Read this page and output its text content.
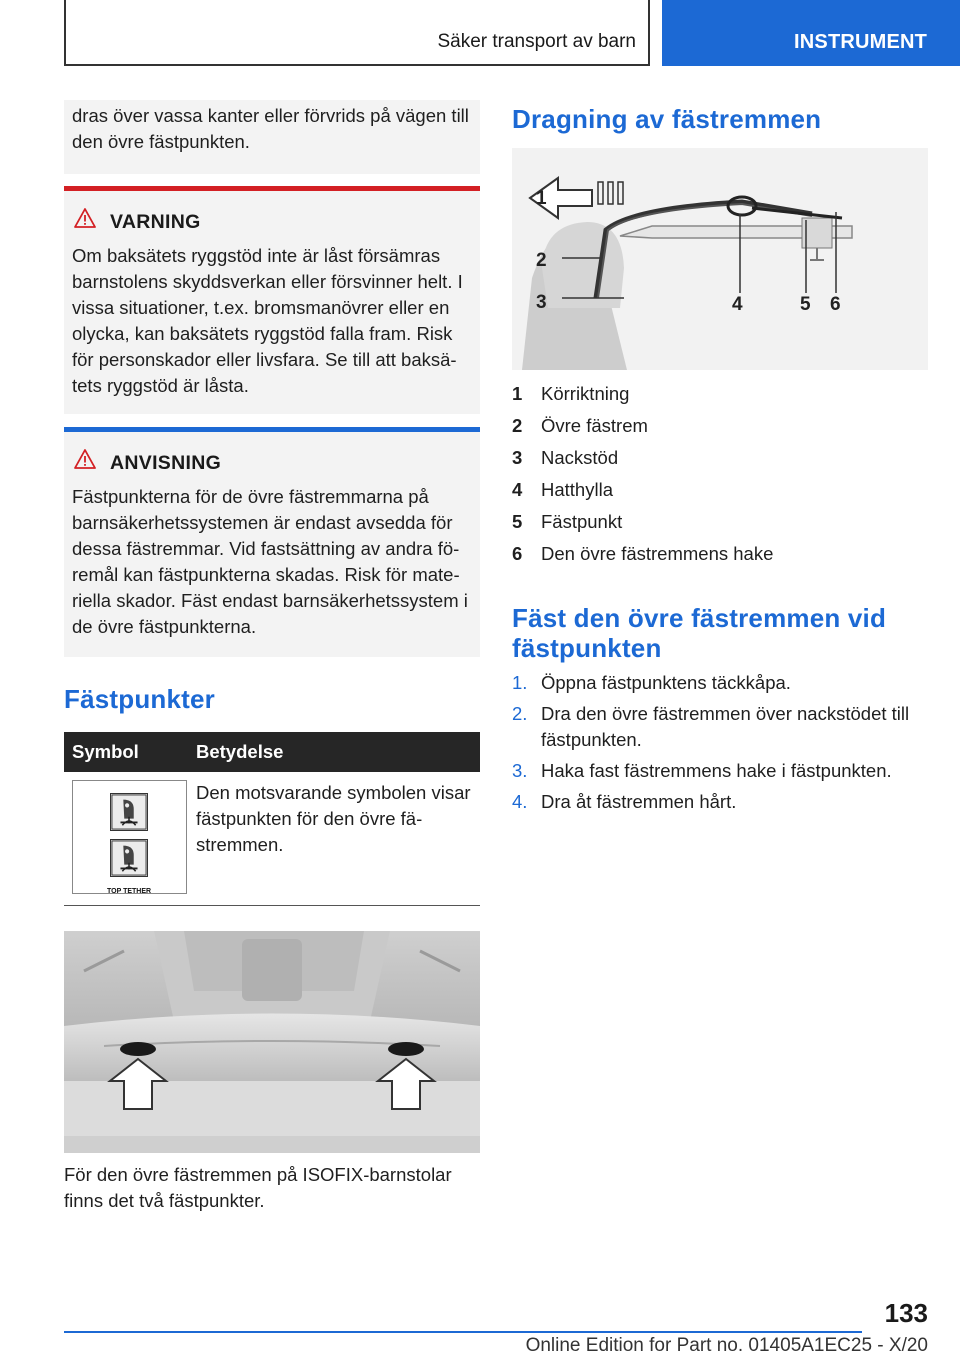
Säker transport av barn	INSTRUMENT

dras över vassa kanter eller förvrids på vägen till den övre fästpunkten.

VARNING

Om baksätets ryggstöd inte är låst försämras barnstolens skyddsverkan eller försvinner helt. I vissa situationer, t.ex. bromsmanövrer eller en olycka, kan baksätets ryggstöd falla fram. Risk för personskador eller livsfara. Se till att baksätets ryggstöd är låsta.

ANVISNING

Fästpunkterna för de övre fästremmarna på barnsäkerhetssystemen är endast avsedda för dessa fästremmar. Vid fastsättning av andra föremål kan fästpunkterna skadas. Risk för materiella skador. Fäst endast barnsäkerhetssystem i de övre fästpunkterna.

Fästpunkter
Symbol	Betydelse
TOP TETHER

Den motsvarande symbolen visar fästpunkten för den övre fästremmen.

För den övre fästremmen på ISOFIX-barnstolar finns det två fästpunkter.

Dragning av fästremmen
1
2
3	4	5 6
1 Körriktning
2 Övre fästrem
3 Nackstöd
4 Hatthylla
5 Fästpunkt
6 Den övre fästremmens hake
Fäst den övre fästremmen vid fästpunkten
1. Öppna fästpunktens täckkåpa.
2. Dra den övre fästremmen över nackstödet till fästpunkten.
3. Haka fast fästremmens hake i fästpunkten.
4. Dra åt fästremmen hårt.
133
Online Edition for Part no. 01405A1EC25 - X/20
